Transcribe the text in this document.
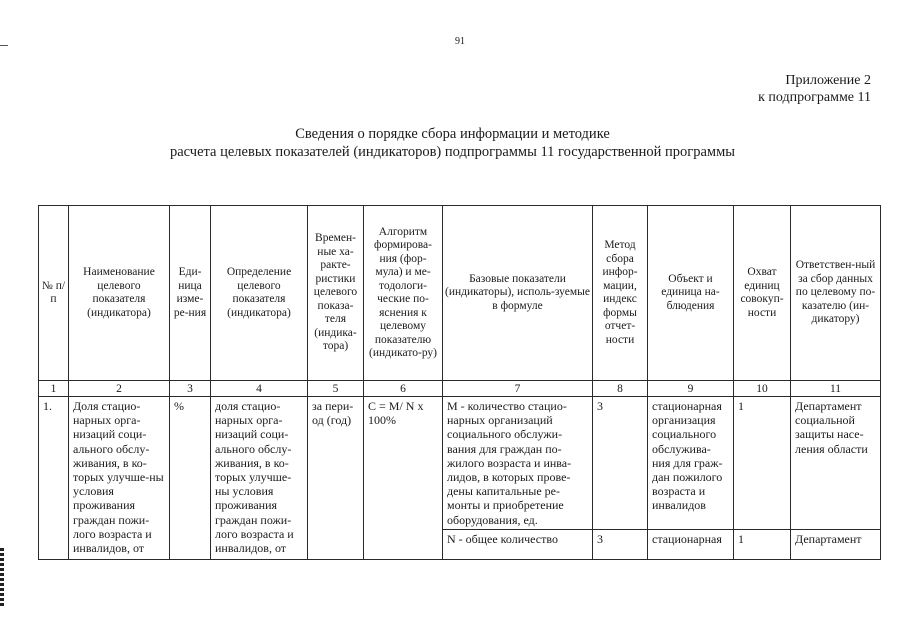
91
Приложение 2
к подпрограмме 11
Сведения о порядке сбора информации и методике
расчета целевых показателей (индикаторов) подпрограммы 11 государственной программы
№ п/п	Наименование целевого показателя (индикатора)	Еди-ница изме-ре-ния	Определение целевого показателя (индикатора)	Времен-ные ха-ракте-ристики целевого показа-теля (индика-тора)	Алгоритм формирова-ния (фор-мула) и ме-тодологи-ческие по-яснения к целевому показателю (индикато-ру)	Базовые показатели (индикаторы), исполь-зуемые в формуле	Метод сбора инфор-мации, индекс формы отчет-ности	Объект и единица на-блюдения	Охват единиц совокуп-ности	Ответствен-ный за сбор данных по целевому по-казателю (ин-дикатору)
1	2	3	4	5	6	7	8	9	10	11
1.	Доля стацио-нарных орга-низаций соци-ального обслу-живания, в ко-торых улучше-ны условия проживания граждан пожи-лого возраста и инвалидов, от	%	доля стацио-нарных орга-низаций соци-ального обслу-живания, в ко-торых улучше-ны условия проживания граждан пожи-лого возраста и инвалидов, от	за пери-од (год)	C = M/ N x 100%	M - количество стацио-нарных организаций социального обслужи-вания для граждан по-жилого возраста и инва-лидов, в которых прове-дены капитальные ре-монты и приобретение оборудования, ед.	3	стационарная организация социального обслужива-ния для граж-дан пожилого возраста и инвалидов	1	Департамент социальной защиты насе-ления области
						N - общее количество	3	стационарная	1	Департамент
